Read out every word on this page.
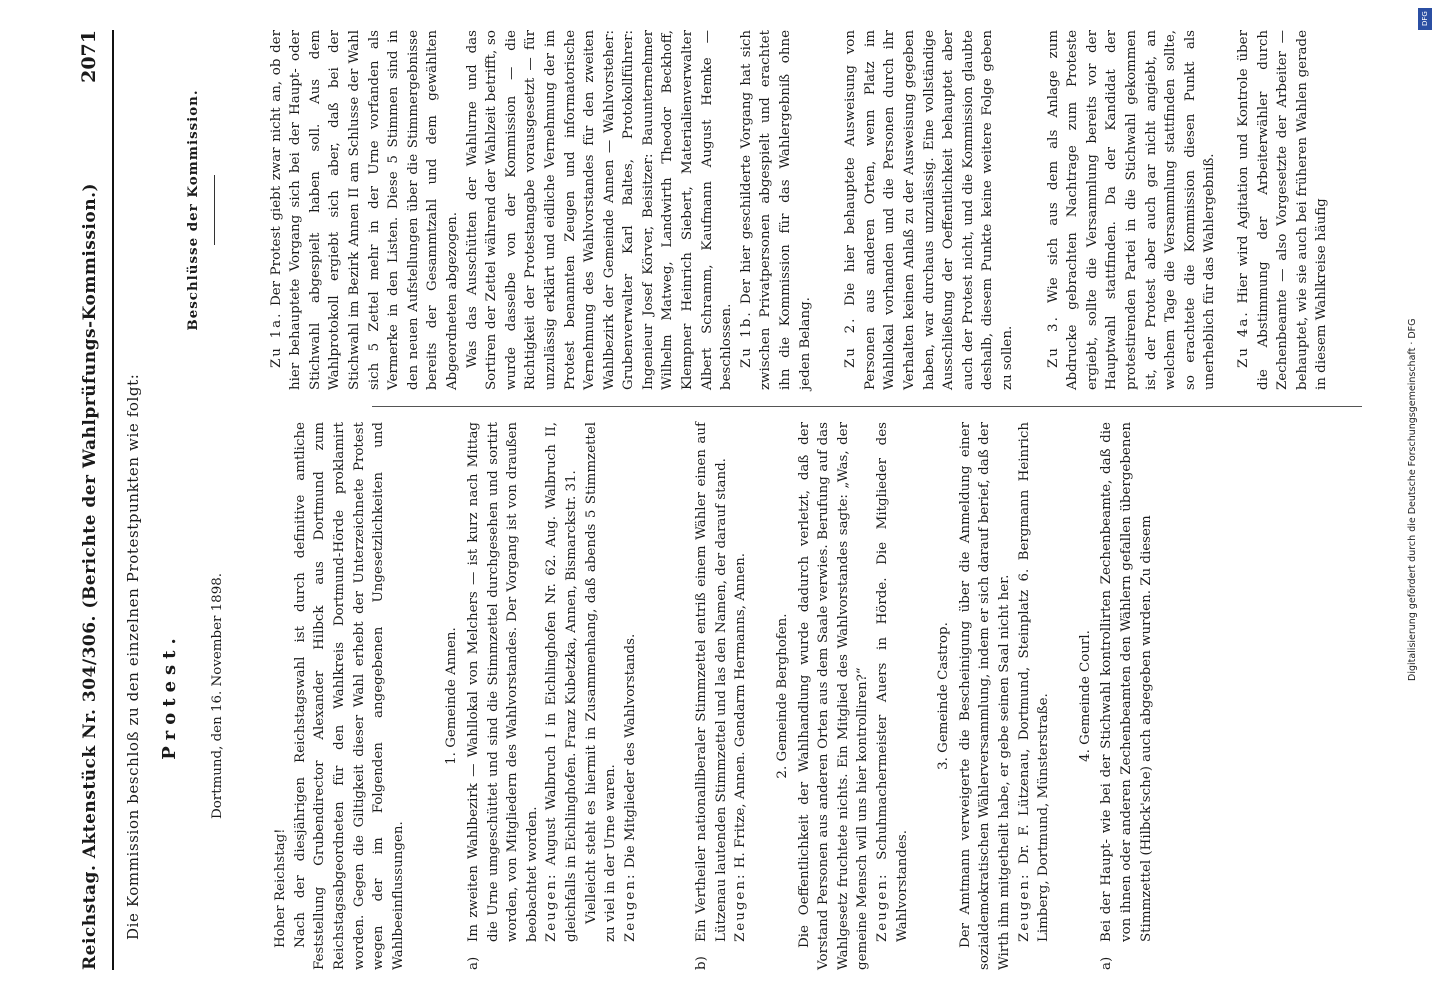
Reichstag. Aktenstück Nr. 304/306. (Berichte der Wahlprüfungs-Kommission.)
2071
Die Kommission beschloß zu den einzelnen Protestpunkten wie folgt: Protest. Dortmund, den 16. November 1898.

Hoher Reichstag! Nach der diesjährigen Reichstagswahl ist durch definitive amtliche Feststellung Grubendirector Alexander Hilbck aus Dortmund zum Reichstagsabgeordneten für den Wahlkreis Dortmund-Hörde proklamirt worden. Gegen die Giltigkeit dieser Wahl erhebt der Unterzeichnete Protest wegen der im Folgenden angegebenen Ungesetzlichkeiten und Wahlbeeinflussungen.

1. Gemeinde Annen.
a)
Im zweiten Wahlbezirk — Wahllokal von Melchers — ist kurz nach Mittag die Urne umgeschüttet und sind die Stimmzettel durchgesehen und sortirt worden, von Mitgliedern des Wahlvorstandes. Der Vorgang ist von draußen beobachtet worden. Zeugen: August Walbruch I in Eichlinghofen Nr. 62. Aug. Walbruch II, gleichfalls in Eichlinghofen. Franz Kubetzka, Annen, Bismarckstr. 31. Vielleicht steht es hiermit in Zusammenhang, daß abends 5 Stimmzettel zu viel in der Urne waren. Zeugen: Die Mitglieder des Wahlvorstands.

b)
Ein Vertheiler nationalliberaler Stimmzettel entriß einem Wähler einen auf Lützenau lautenden Stimmzettel und las den Namen, der darauf stand. Zeugen: H. Fritze, Annen. Gendarm Hermanns, Annen. 2. Gemeinde Berghofen. Die Oeffentlichkeit der Wahlhandlung wurde dadurch verletzt, daß der Vorstand Personen aus anderen Orten aus dem Saale verwies. Berufung auf das Wahlgesetz fruchtete nichts. Ein Mitglied des Wahlvorstandes sagte: „Was, der gemeine Mensch will uns hier kontrolliren?“ Zeugen: Schuhmachermeister Auers in Hörde. Die Mitglieder des Wahlvorstandes.

3. Gemeinde Castrop. Der Amtmann verweigerte die Bescheinigung über die Anmeldung einer sozialdemokratischen Wählerversammlung, indem er sich darauf berief, daß der Wirth ihm mitgetheilt habe, er gebe seinen Saal nicht her. Zeugen: Dr. F. Lützenau, Dortmund, Steinplatz 6. Bergmann Heinrich Limberg, Dortmund, Münsterstraße. 4. Gemeinde Courl.
a)
Bei der Haupt- wie bei der Stichwahl kontrollirten Zechenbeamte, daß die von ihnen oder anderen Zechenbeamten den Wählern gefallen übergebenen Stimmzettel (Hilbck'sche) auch abgegeben wurden. Zu diesem
Beschlüsse der Kommission.

Zu 1a. Der Protest giebt zwar nicht an, ob der hier behauptete Vorgang sich bei der Haupt- oder Stichwahl abgespielt haben soll. Aus dem Wahlprotokoll ergiebt sich aber, daß bei der Stichwahl im Bezirk Annen II am Schlusse der Wahl sich 5 Zettel mehr in der Urne vorfanden als Vermerke in den Listen. Diese 5 Stimmen sind in den neuen Aufstellungen über die Stimmergebnisse bereits der Gesammtzahl und dem gewählten Abgeordneten abgezogen. Was das Ausschütten der Wahlurne und das Sortiren der Zettel während der Wahlzeit betrifft, so wurde dasselbe von der Kommission — die Richtigkeit der Protestangabe vorausgesetzt — für unzulässig erklärt und eidliche Vernehmung der im Protest benannten Zeugen und informatorische Vernehmung des Wahlvorstandes für den zweiten Wahlbezirk der Gemeinde Annen — Wahlvorsteher: Grubenverwalter Karl Baltes, Protokollführer: Ingenieur Josef Körver, Beisitzer: Bauunternehmer Wilhelm Matweg, Landwirth Theodor Beckhoff, Klempner Heinrich Siebert, Materialienverwalter Albert Schramm, Kaufmann August Hemke — beschlossen. Zu 1b. Der hier geschilderte Vorgang hat sich zwischen Privatpersonen abgespielt und erachtet ihn die Kommission für das Wahlergebniß ohne jeden Belang. Zu 2. Die hier behauptete Ausweisung von Personen aus anderen Orten, wenn Platz im Wahllokal vorhanden und die Personen durch ihr Verhalten keinen Anlaß zu der Ausweisung gegeben haben, war durchaus unzulässig. Eine vollständige Ausschließung der Oeffentlichkeit behauptet aber auch der Protest nicht, und die Kommission glaubte deshalb, diesem Punkte keine weitere Folge geben zu sollen. Zu 3. Wie sich aus dem als Anlage zum Abdrucke gebrachten Nachtrage zum Proteste ergiebt, sollte die Versammlung bereits vor der Hauptwahl stattfinden. Da der Kandidat der protestirenden Partei in die Stichwahl gekommen ist, der Protest aber auch gar nicht angiebt, an welchem Tage die Versammlung stattfinden sollte, so erachtete die Kommission diesen Punkt als unerheblich für das Wahlergebniß. Zu 4a. Hier wird Agitation und Kontrole über die Abstimmung der Arbeiterwähler durch Zechenbeamte — also Vorgesetzte der Arbeiter — behauptet, wie sie auch bei früheren Wahlen gerade in diesem Wahlkreise häufig

Digitalisierung gefördert durch die Deutsche Forschungsgemeinschaft · DFG
DFG
